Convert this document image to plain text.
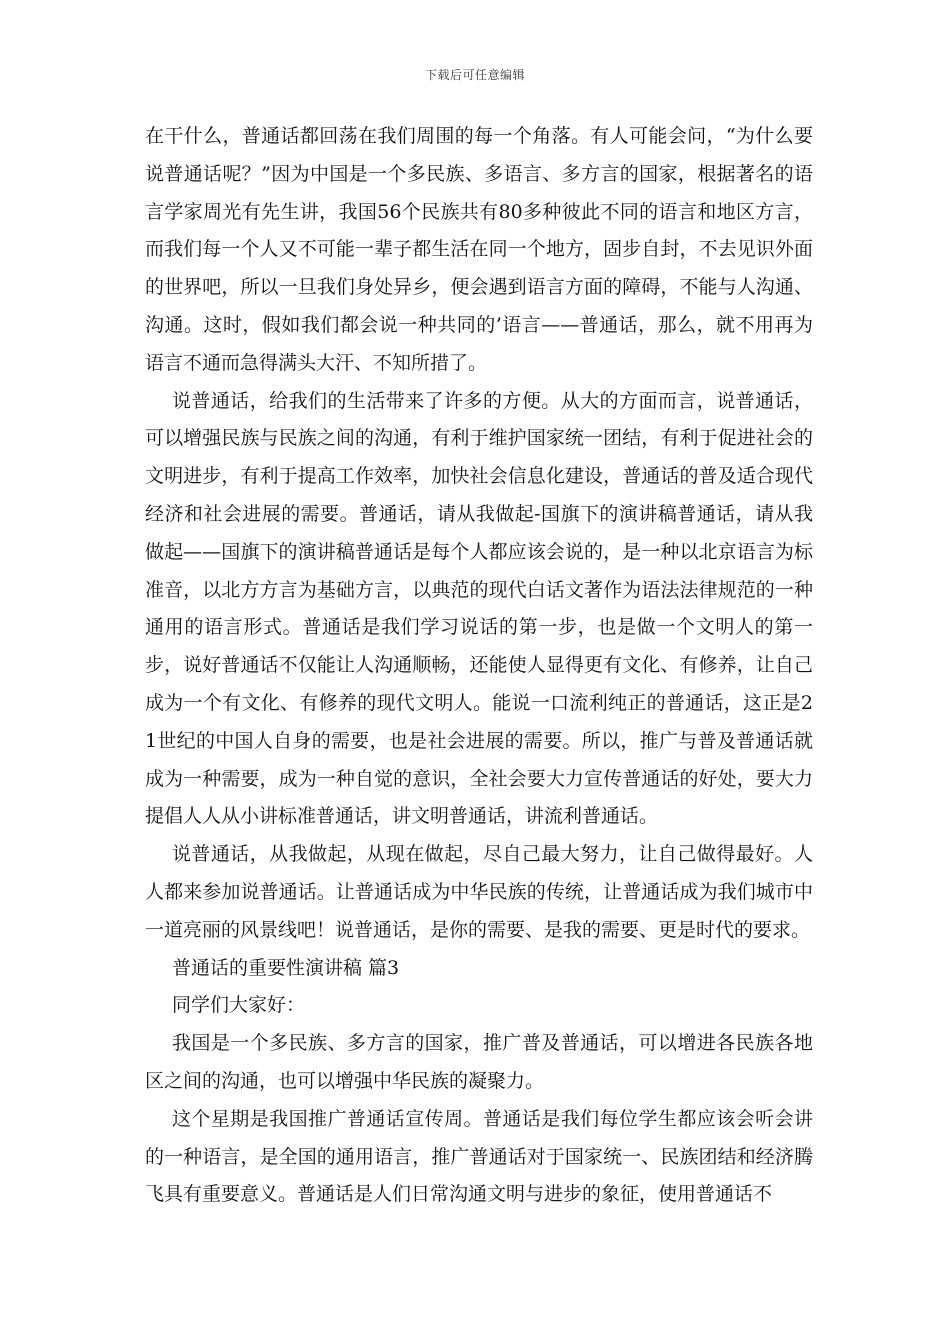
下载后可任意编辑

在干什么，普通话都回荡在我们周围的每一个角落。有人可能会问，“为什么要说普通话呢？”因为中国是一个多民族、多语言、多方言的国家，根据著名的语言学家周光有先生讲，我国56个民族共有80多种彼此不同的语言和地区方言，而我们每一个人又不可能一辈子都生活在同一个地方，固步自封，不去见识外面的世界吧，所以一旦我们身处异乡，便会遇到语言方面的障碍，不能与人沟通、沟通。这时，假如我们都会说一种共同的’语言——普通话，那么，就不用再为语言不通而急得满头大汗、不知所措了。

说普通话，给我们的生活带来了许多的方便。从大的方面而言，说普通话，可以增强民族与民族之间的沟通，有利于维护国家统一团结，有利于促进社会的文明进步，有利于提高工作效率，加快社会信息化建设，普通话的普及适合现代经济和社会进展的需要。普通话，请从我做起-国旗下的演讲稿普通话，请从我做起——国旗下的演讲稿普通话是每个人都应该会说的，是一种以北京语言为标准音，以北方方言为基础方言，以典范的现代白话文著作为语法法律规范的一种通用的语言形式。普通话是我们学习说话的第一步，也是做一个文明人的第一步，说好普通话不仅能让人沟通顺畅，还能使人显得更有文化、有修养，让自己成为一个有文化、有修养的现代文明人。能说一口流利纯正的普通话，这正是21世纪的中国人自身的需要，也是社会进展的需要。所以，推广与普及普通话就成为一种需要，成为一种自觉的意识，全社会要大力宣传普通话的好处，要大力提倡人人从小讲标准普通话，讲文明普通话，讲流利普通话。

说普通话，从我做起，从现在做起，尽自己最大努力，让自己做得最好。人人都来参加说普通话。让普通话成为中华民族的传统，让普通话成为我们城市中一道亮丽的风景线吧！说普通话，是你的需要、是我的需要、更是时代的要求。

普通话的重要性演讲稿 篇3

同学们大家好：

我国是一个多民族、多方言的国家，推广普及普通话，可以增进各民族各地区之间的沟通，也可以增强中华民族的凝聚力。

这个星期是我国推广普通话宣传周。普通话是我们每位学生都应该会听会讲的一种语言，是全国的通用语言，推广普通话对于国家统一、民族团结和经济腾飞具有重要意义。普通话是人们日常沟通文明与进步的象征，使用普通话不
